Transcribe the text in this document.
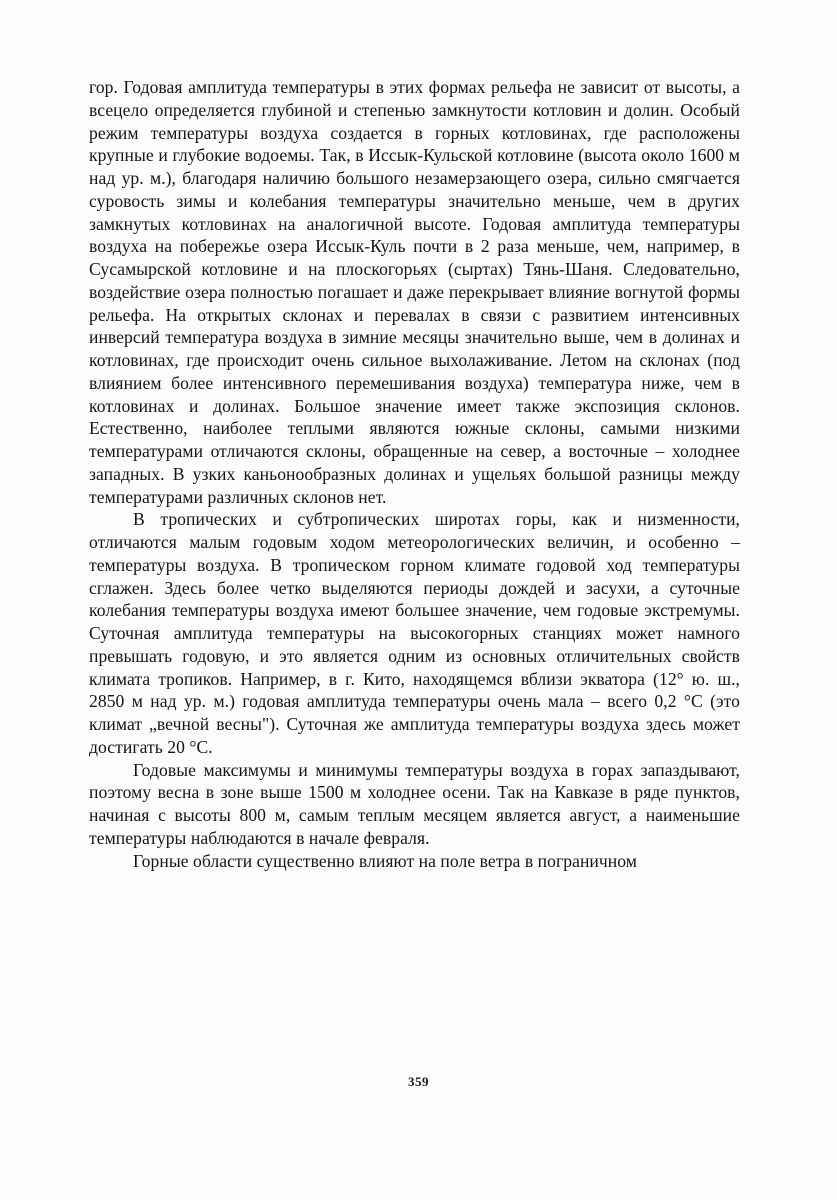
гор. Годовая амплитуда температуры в этих формах рельефа не зависит от высоты, а всецело определяется глубиной и степенью замкнутости котловин и долин. Особый режим температуры воздуха создается в горных котловинах, где расположены крупные и глубокие водоемы. Так, в Иссык-Кульской котловине (высота около 1600 м над ур. м.), благодаря наличию большого незамерзающего озера, сильно смягчается суровость зимы и колебания температуры значительно меньше, чем в других замкнутых котловинах на аналогичной высоте. Годовая амплитуда температуры воздуха на побережье озера Иссык-Куль почти в 2 раза меньше, чем, например, в Сусамырской котловине и на плоскогорьях (сыртах) Тянь-Шаня. Следовательно, воздействие озера полностью погашает и даже перекрывает влияние вогнутой формы рельефа. На открытых склонах и перевалах в связи с развитием интенсивных инверсий температура воздуха в зимние месяцы значительно выше, чем в долинах и котловинах, где происходит очень сильное выхолаживание. Летом на склонах (под влиянием более интенсивного перемешивания воздуха) температура ниже, чем в котловинах и долинах. Большое значение имеет также экспозиция склонов. Естественно, наиболее теплыми являются южные склоны, самыми низкими температурами отличаются склоны, обращенные на север, а восточные – холоднее западных. В узких каньонообразных долинах и ущельях большой разницы между температурами различных склонов нет.

В тропических и субтропических широтах горы, как и низменности, отличаются малым годовым ходом метеорологических величин, и особенно – температуры воздуха. В тропическом горном климате годовой ход температуры сглажен. Здесь более четко выделяются периоды дождей и засухи, а суточные колебания температуры воздуха имеют большее значение, чем годовые экстремумы. Суточная амплитуда температуры на высокогорных станциях может намного превышать годовую, и это является одним из основных отличительных свойств климата тропиков. Например, в г. Кито, находящемся вблизи экватора (12° ю. ш., 2850 м над ур. м.) годовая амплитуда температуры очень мала – всего 0,2 °С (это климат „вечной весны"). Суточная же амплитуда температуры воздуха здесь может достигать 20 °С.

Годовые максимумы и минимумы температуры воздуха в горах запаздывают, поэтому весна в зоне выше 1500 м холоднее осени. Так на Кавказе в ряде пунктов, начиная с высоты 800 м, самым теплым месяцем является август, а наименьшие температуры наблюдаются в начале февраля.

Горные области существенно влияют на поле ветра в пограничном

359
